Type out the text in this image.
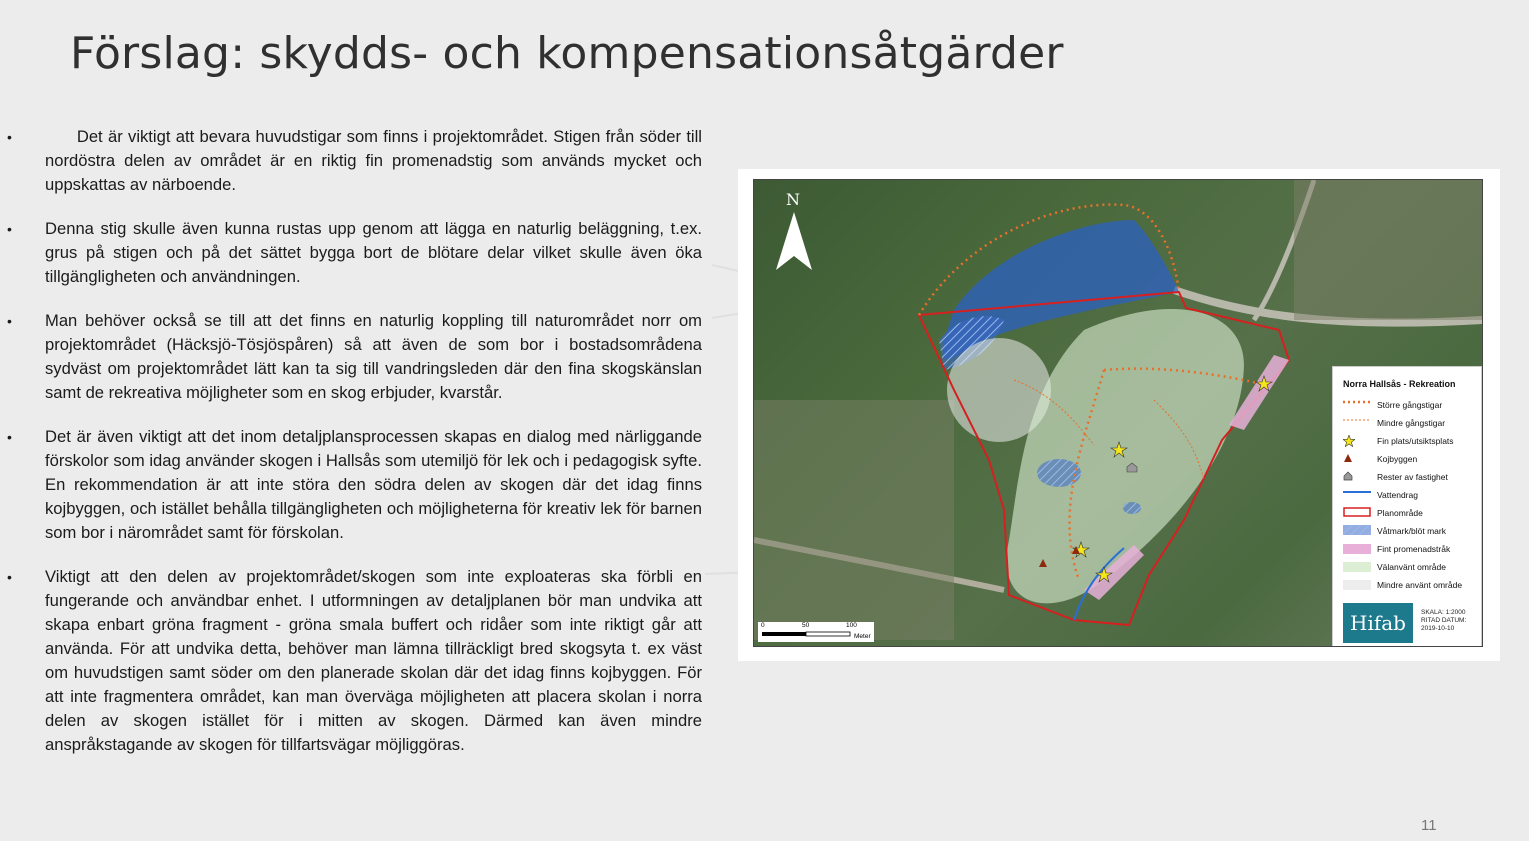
Förslag: skydds- och kompensationsåtgärder
• Det är viktigt att bevara huvudstigar som finns i projektområdet. Stigen från söder till nordöstra delen av området är en riktig fin promenadstig som används mycket och uppskattas av närboende.
• Denna stig skulle även kunna rustas upp genom att lägga en naturlig beläggning, t.ex. grus på stigen och på det sättet bygga bort de blötare delar vilket skulle även öka tillgängligheten och användningen.
• Man behöver också se till att det finns en naturlig koppling till naturområdet norr om projektområdet (Häcksjö-Tösjöspåren) så att även de som bor i bostadsområdena sydväst om projektområdet lätt kan ta sig till vandringsleden där den fina skogskänslan samt de rekreativa möjligheter som en skog erbjuder, kvarstår.
• Det är även viktigt att det inom detaljplansprocessen skapas en dialog med närliggande förskolor som idag använder skogen i Hallsås som utemiljö för lek och i pedagogisk syfte. En rekommendation är att inte störa den södra delen av skogen där det idag finns kojbyggen, och istället behålla tillgängligheten och möjligheterna för kreativ lek för barnen som bor i närområdet samt för förskolan.
• Viktigt att den delen av projektområdet/skogen som inte exploateras ska förbli en fungerande och användbar enhet. I utformningen av detaljplanen bör man undvika att skapa enbart gröna fragment - gröna smala buffert och ridåer som inte riktigt går att använda. För att undvika detta, behöver man lämna tillräckligt bred skogsyta t. ex väst om huvudstigen samt söder om den planerade skolan där det idag finns kojbyggen. För att inte fragmentera området, kan man överväga möjligheten att placera skolan i norra delen av skogen istället för i mitten av skogen. Därmed kan även mindre anspråkstagande av skogen för tillfartsvägar möjliggöras.
N
0	50	100
Meter
Norra Hallsås - Rekreation
Större gångstigar
Mindre gångstigar
Fin plats/utsiktsplats
Kojbyggen
Rester av fastighet
Vattendrag
Planområde
Våtmark/blöt mark
Fint promenadstråk
Välanvänt område
Mindre använt område
Hifab	SKALA: 1:2000
RITAD DATUM:
2019-10-10
11
